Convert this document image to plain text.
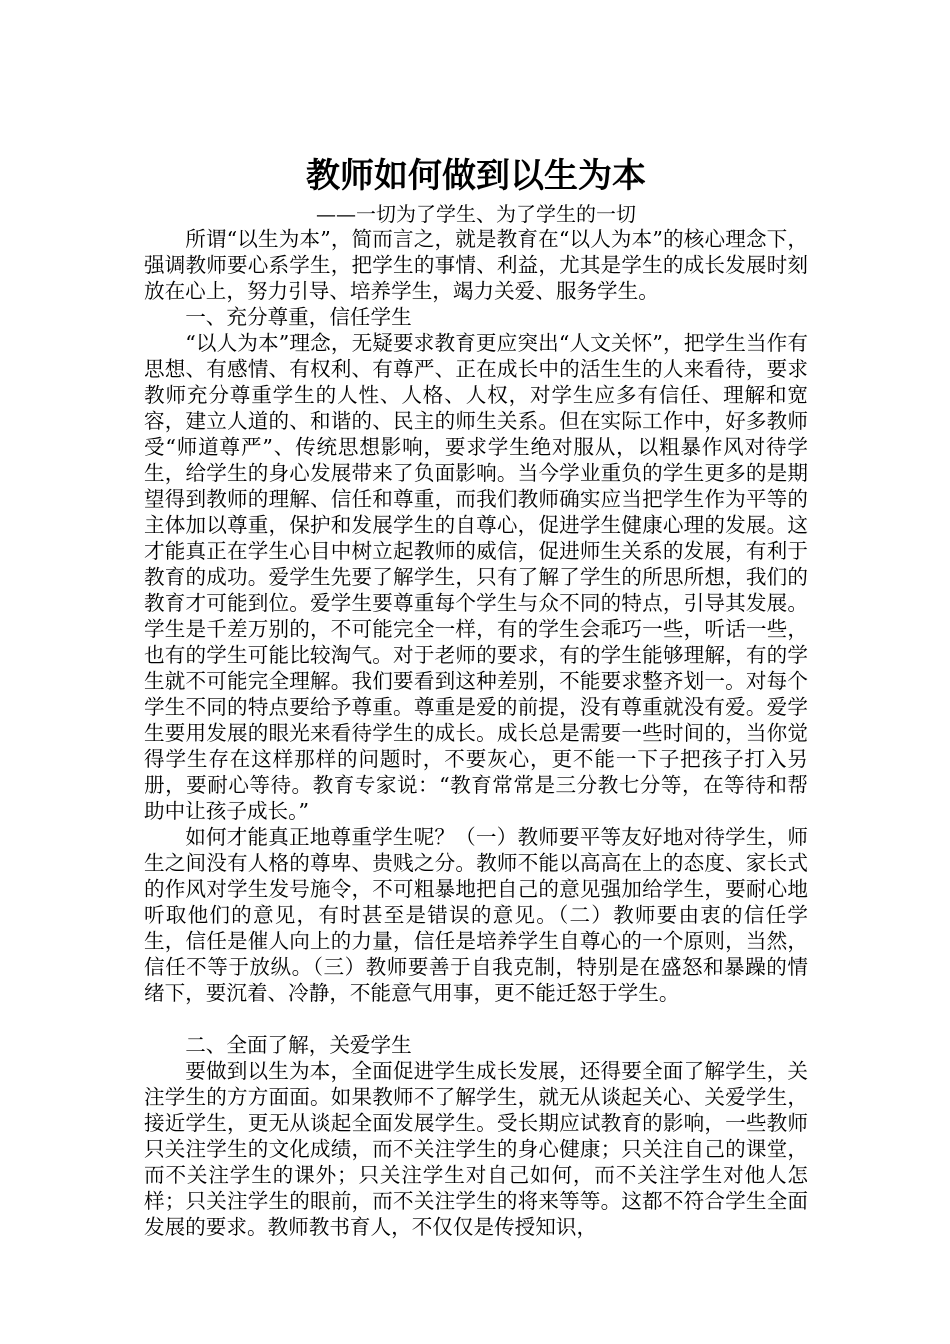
教师如何做到以生为本

——一切为了学生、为了学生的一切

所谓“以生为本”，简而言之，就是教育在“以人为本”的核心理念下，强调教师要心系学生，把学生的事情、利益，尤其是学生的成长发展时刻放在心上，努力引导、培养学生，竭力关爱、服务学生。

一、充分尊重，信任学生

“以人为本”理念，无疑要求教育更应突出“人文关怀”，把学生当作有思想、有感情、有权利、有尊严、正在成长中的活生生的人来看待，要求教师充分尊重学生的人性、人格、人权，对学生应多有信任、理解和宽容，建立人道的、和谐的、民主的师生关系。但在实际工作中，好多教师受“师道尊严”、传统思想影响，要求学生绝对服从，以粗暴作风对待学生，给学生的身心发展带来了负面影响。当今学业重负的学生更多的是期望得到教师的理解、信任和尊重，而我们教师确实应当把学生作为平等的主体加以尊重，保护和发展学生的自尊心，促进学生健康心理的发展。这才能真正在学生心目中树立起教师的威信，促进师生关系的发展，有利于教育的成功。爱学生先要了解学生，只有了解了学生的所思所想，我们的教育才可能到位。爱学生要尊重每个学生与众不同的特点，引导其发展。学生是千差万别的，不可能完全一样，有的学生会乖巧一些，听话一些，也有的学生可能比较淘气。对于老师的要求，有的学生能够理解，有的学生就不可能完全理解。我们要看到这种差别，不能要求整齐划一。对每个学生不同的特点要给予尊重。尊重是爱的前提，没有尊重就没有爱。爱学生要用发展的眼光来看待学生的成长。成长总是需要一些时间的，当你觉得学生存在这样那样的问题时，不要灰心，更不能一下子把孩子打入另册，要耐心等待。教育专家说：“教育常常是三分教七分等，在等待和帮助中让孩子成长。”

如何才能真正地尊重学生呢？（一）教师要平等友好地对待学生，师生之间没有人格的尊卑、贵贱之分。教师不能以高高在上的态度、家长式的作风对学生发号施令，不可粗暴地把自己的意见强加给学生，要耐心地听取他们的意见，有时甚至是错误的意见。（二）教师要由衷的信任学生，信任是催人向上的力量，信任是培养学生自尊心的一个原则，当然，信任不等于放纵。（三）教师要善于自我克制，特别是在盛怒和暴躁的情绪下，要沉着、冷静，不能意气用事，更不能迁怒于学生。

二、全面了解，关爱学生

要做到以生为本，全面促进学生成长发展，还得要全面了解学生，关注学生的方方面面。如果教师不了解学生，就无从谈起关心、关爱学生，接近学生，更无从谈起全面发展学生。受长期应试教育的影响，一些教师只关注学生的文化成绩，而不关注学生的身心健康；只关注自己的课堂，而不关注学生的课外；只关注学生对自己如何，而不关注学生对他人怎样；只关注学生的眼前，而不关注学生的将来等等。这都不符合学生全面发展的要求。教师教书育人，不仅仅是传授知识，
